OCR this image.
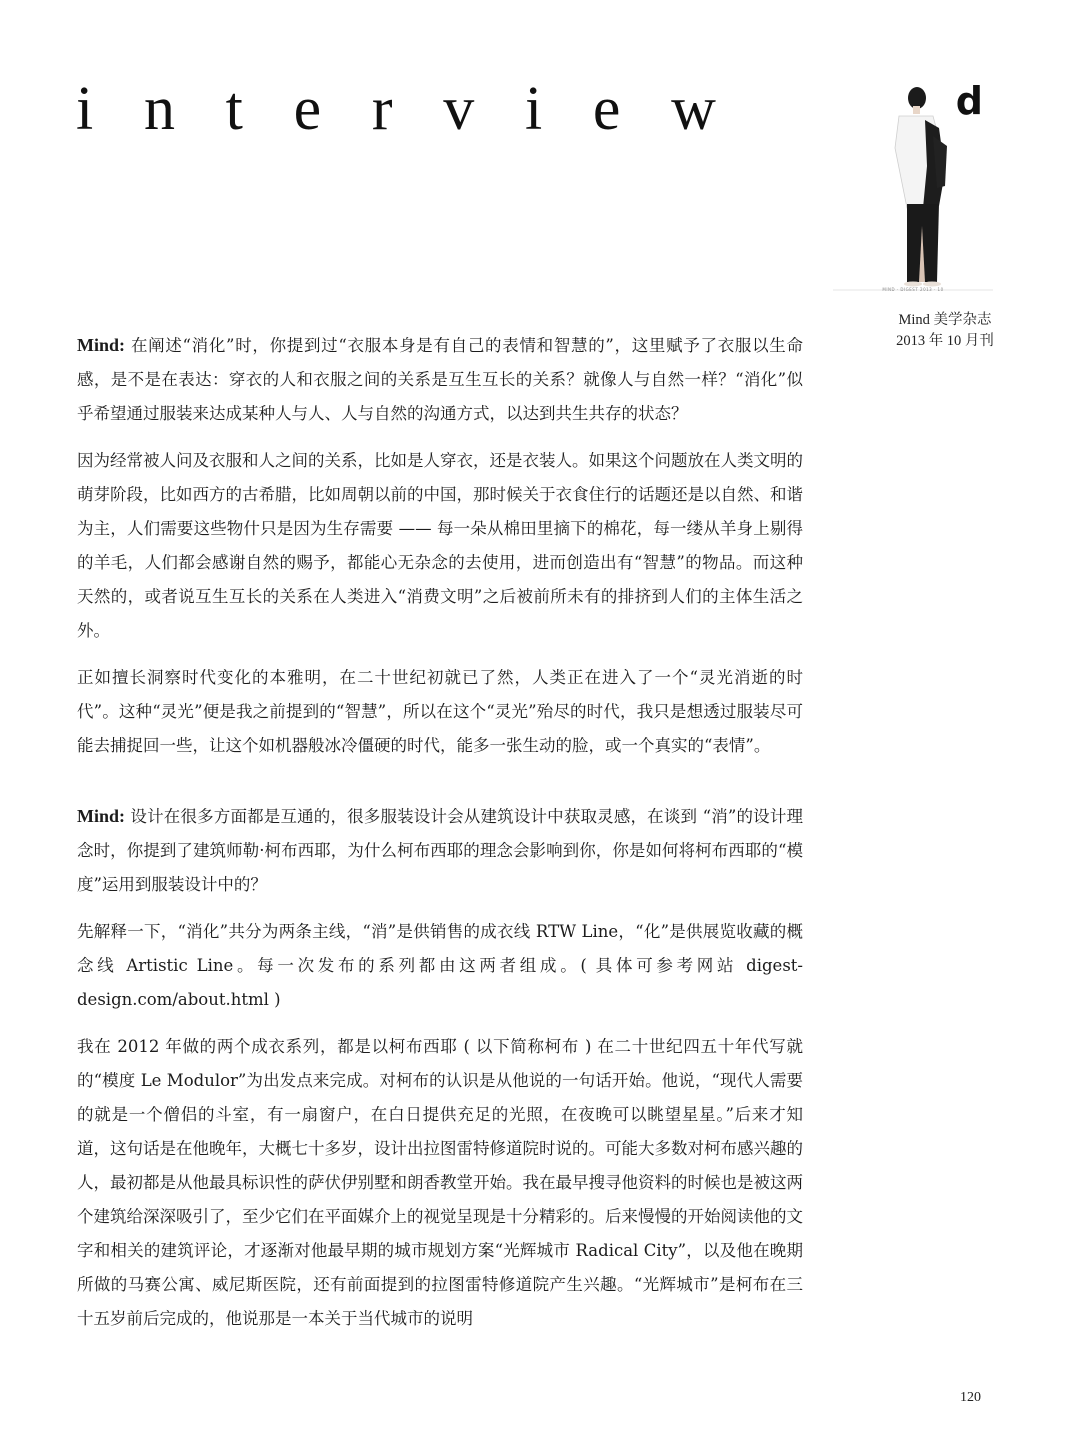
i n t e r v i e w	d
MIND · DIGEST 2013 · 10
Mind 美学杂志
2013 年 10 月刊

Mind: 在阐述“消化”时，你提到过“衣服本身是有自己的表情和智慧的”，这里赋予了衣服以生命感，是不是在表达：穿衣的人和衣服之间的关系是互生互长的关系？就像人与自然一样？“消化”似乎希望通过服装来达成某种人与人、人与自然的沟通方式，以达到共生共存的状态？

因为经常被人问及衣服和人之间的关系，比如是人穿衣，还是衣装人。如果这个问题放在人类文明的萌芽阶段，比如西方的古希腊，比如周朝以前的中国，那时候关于衣食住行的话题还是以自然、和谐为主，人们需要这些物什只是因为生存需要 —— 每一朵从棉田里摘下的棉花，每一缕从羊身上剔得的羊毛，人们都会感谢自然的赐予，都能心无杂念的去使用，进而创造出有“智慧”的物品。而这种天然的，或者说互生互长的关系在人类进入“消费文明”之后被前所未有的排挤到人们的主体生活之外。

正如擅长洞察时代变化的本雅明，在二十世纪初就已了然，人类正在进入了一个“灵光消逝的时代”。这种“灵光”便是我之前提到的“智慧”，所以在这个“灵光”殆尽的时代，我只是想透过服装尽可能去捕捉回一些，让这个如机器般冰冷僵硬的时代，能多一张生动的脸，或一个真实的“表情”。

Mind: 设计在很多方面都是互通的，很多服装设计会从建筑设计中获取灵感，在谈到 “消”的设计理念时，你提到了建筑师勒·柯布西耶，为什么柯布西耶的理念会影响到你，你是如何将柯布西耶的“模度”运用到服装设计中的？

先解释一下，“消化”共分为两条主线，“消”是供销售的成衣线 RTW Line，“化”是供展览收藏的概念线 Artistic Line。每一次发布的系列都由这两者组成。( 具体可参考网站 digest-design.com/about.html )

我在 2012 年做的两个成衣系列，都是以柯布西耶 ( 以下简称柯布 ) 在二十世纪四五十年代写就的“模度 Le Modulor”为出发点来完成。对柯布的认识是从他说的一句话开始。他说，“现代人需要的就是一个僧侣的斗室，有一扇窗户，在白日提供充足的光照，在夜晚可以眺望星星。”后来才知道，这句话是在他晚年，大概七十多岁，设计出拉图雷特修道院时说的。可能大多数对柯布感兴趣的人，最初都是从他最具标识性的萨伏伊别墅和朗香教堂开始。我在最早搜寻他资料的时候也是被这两个建筑给深深吸引了，至少它们在平面媒介上的视觉呈现是十分精彩的。后来慢慢的开始阅读他的文字和相关的建筑评论，才逐渐对他最早期的城市规划方案“光辉城市 Radical City”，以及他在晚期所做的马赛公寓、威尼斯医院，还有前面提到的拉图雷特修道院产生兴趣。“光辉城市”是柯布在三十五岁前后完成的，他说那是一本关于当代城市的说明

120
